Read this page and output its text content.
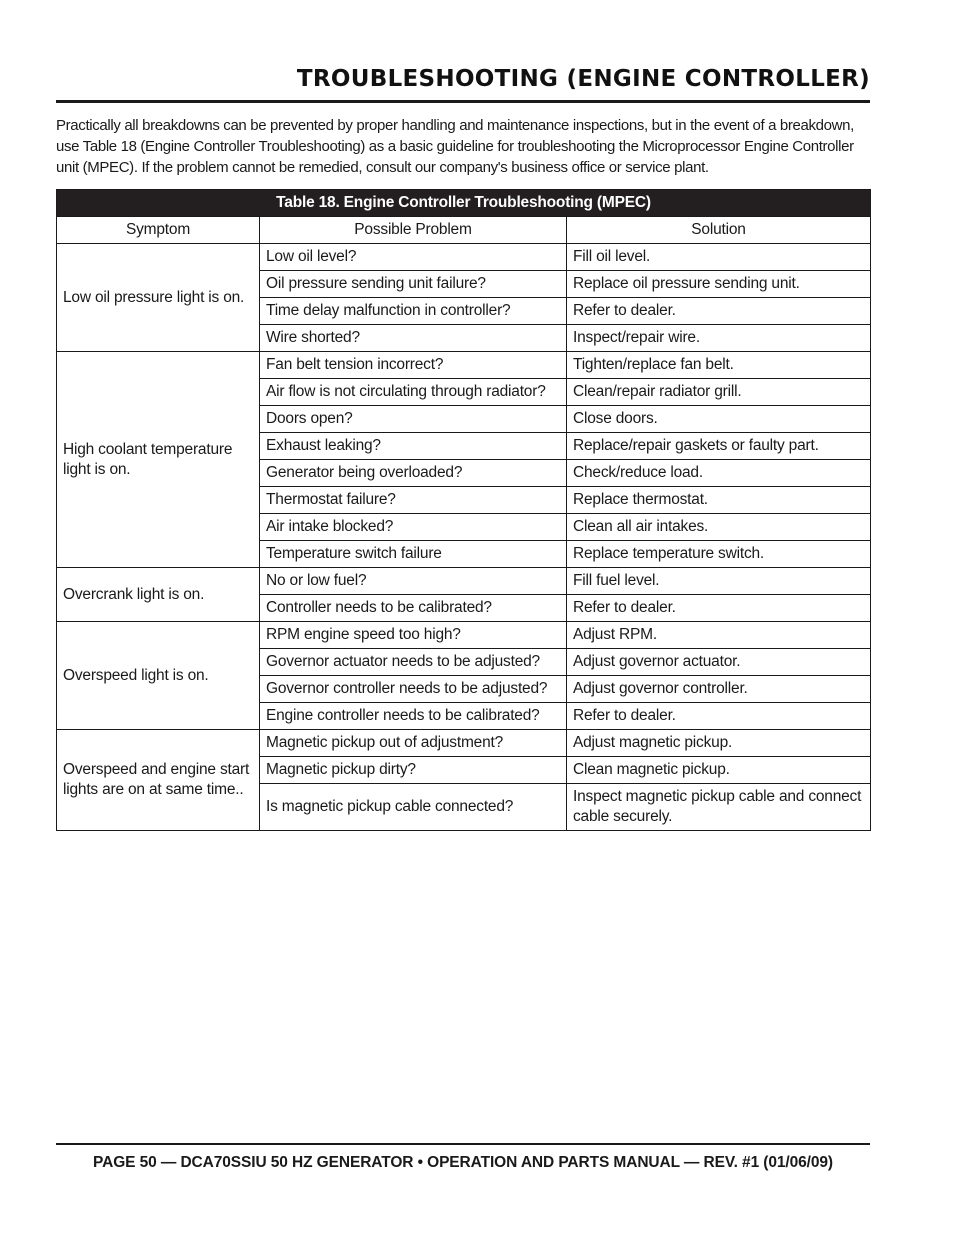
TROUBLESHOOTING (ENGINE CONTROLLER)

Practically all breakdowns can be prevented by proper handling and maintenance inspections, but in the event of a breakdown, use Table 18 (Engine Controller Troubleshooting) as a basic guideline for troubleshooting the Microprocessor Engine Controller unit (MPEC). If the problem cannot be remedied, consult our company's business office or service plant.

Table 18. Engine Controller Troubleshooting (MPEC)		
Symptom	Possible Problem	Solution
Low oil pressure light is on.	Low oil level?	Fill oil level.
	Oil pressure sending unit failure?	Replace oil pressure sending unit.
	Time delay malfunction in controller?	Refer to dealer.
	Wire shorted?	Inspect/repair wire.
High coolant temperature light is on.	Fan belt tension incorrect?	Tighten/replace fan belt.
	Air flow is not circulating through radiator?	Clean/repair radiator grill.
	Doors open?	Close doors.
	Exhaust leaking?	Replace/repair gaskets or faulty part.
	Generator being overloaded?	Check/reduce load.
	Thermostat failure?	Replace thermostat.
	Air intake blocked?	Clean all air intakes.
	Temperature switch failure	Replace temperature switch.
Overcrank light is on.	No or low fuel?	Fill fuel level.
	Controller needs to be calibrated?	Refer to dealer.
Overspeed light is on.	RPM engine speed too high?	Adjust RPM.
	Governor actuator needs to be adjusted?	Adjust governor actuator.
	Governor controller needs to be adjusted?	Adjust governor controller.
	Engine controller needs to be calibrated?	Refer to dealer.
Overspeed and engine start lights are on at same time..	Magnetic pickup out of adjustment?	Adjust magnetic pickup.
	Magnetic pickup dirty?	Clean magnetic pickup.
	Is magnetic pickup cable connected?	Inspect magnetic pickup cable and connect cable securely.
PAGE 50 — DCA70SSIU 50 HZ GENERATOR • OPERATION AND PARTS MANUAL — REV. #1 (01/06/09)
